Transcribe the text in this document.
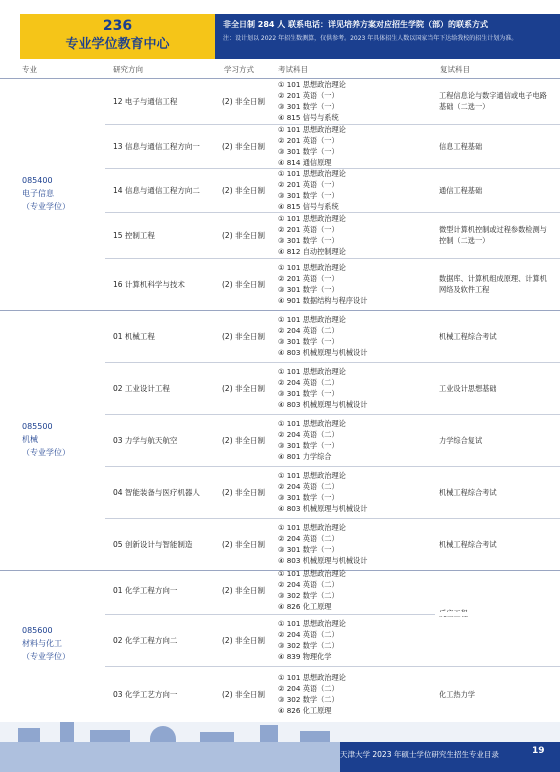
236
专业学位教育中心
非全日制 284 人 联系电话：详见培养方案对应招生学院（部）的联系方式
注：设计划以 2022 年招生数测算，仅供参考。2023 年具体招生人数以国家当年下达给我校的招生计划为准。
专业	研究方向	学习方式	考试科目	复试科目
085400
电子信息
（专业学位）
12 电子与通信工程	(2) 非全日制
① 101 思想政治理论
② 201 英语（一）
③ 301 数学（一）
④ 815 信号与系统
工程信息论与数字通信或电子电路基础（二选一）
13 信息与通信工程方向一	(2) 非全日制
① 101 思想政治理论
② 201 英语（一）
③ 301 数学（一）
④ 814 通信原理
信息工程基础
14 信息与通信工程方向二	(2) 非全日制
① 101 思想政治理论
② 201 英语（一）
③ 301 数学（一）
④ 815 信号与系统
通信工程基础
15 控制工程	(2) 非全日制
① 101 思想政治理论
② 201 英语（一）
③ 301 数学（一）
④ 812 自动控制理论
微型计算机控制或过程参数检测与控制（二选一）
16 计算机科学与技术	(2) 非全日制
① 101 思想政治理论
② 201 英语（一）
③ 301 数学（一）
④ 901 数据结构与程序设计
数据库、计算机组成原理、计算机网络及软件工程
085500
机械
（专业学位）
01 机械工程	(2) 非全日制
① 101 思想政治理论
② 204 英语（二）
③ 301 数学（一）
④ 803 机械原理与机械设计
机械工程综合考试
02 工业设计工程	(2) 非全日制
① 101 思想政治理论
② 204 英语（二）
③ 301 数学（一）
④ 803 机械原理与机械设计
工业设计思想基础
03 力学与航天航空	(2) 非全日制
① 101 思想政治理论
② 204 英语（二）
③ 301 数学（一）
④ 801 力学综合
力学综合复试
04 智能装备与医疗机器人	(2) 非全日制
① 101 思想政治理论
② 204 英语（二）
③ 301 数学（一）
④ 803 机械原理与机械设计
机械工程综合考试
05 创新设计与智能制造	(2) 非全日制
① 101 思想政治理论
② 204 英语（二）
③ 301 数学（一）
④ 803 机械原理与机械设计
机械工程综合考试
085600
材料与化工
（专业学位）
01 化学工程方向一	(2) 非全日制
① 101 思想政治理论
② 204 英语（二）
③ 302 数学（二）
④ 826 化工原理
02 化学工程方向二	(2) 非全日制
① 101 思想政治理论
② 204 英语（二）
③ 302 数学（二）
④ 839 物理化学
03 化学工艺方向一	(2) 非全日制
① 101 思想政治理论
② 204 英语（二）
③ 302 数学（二）
④ 826 化工原理
化工热力学
天津大学 2023 年硕士学位研究生招生专业目录	19
